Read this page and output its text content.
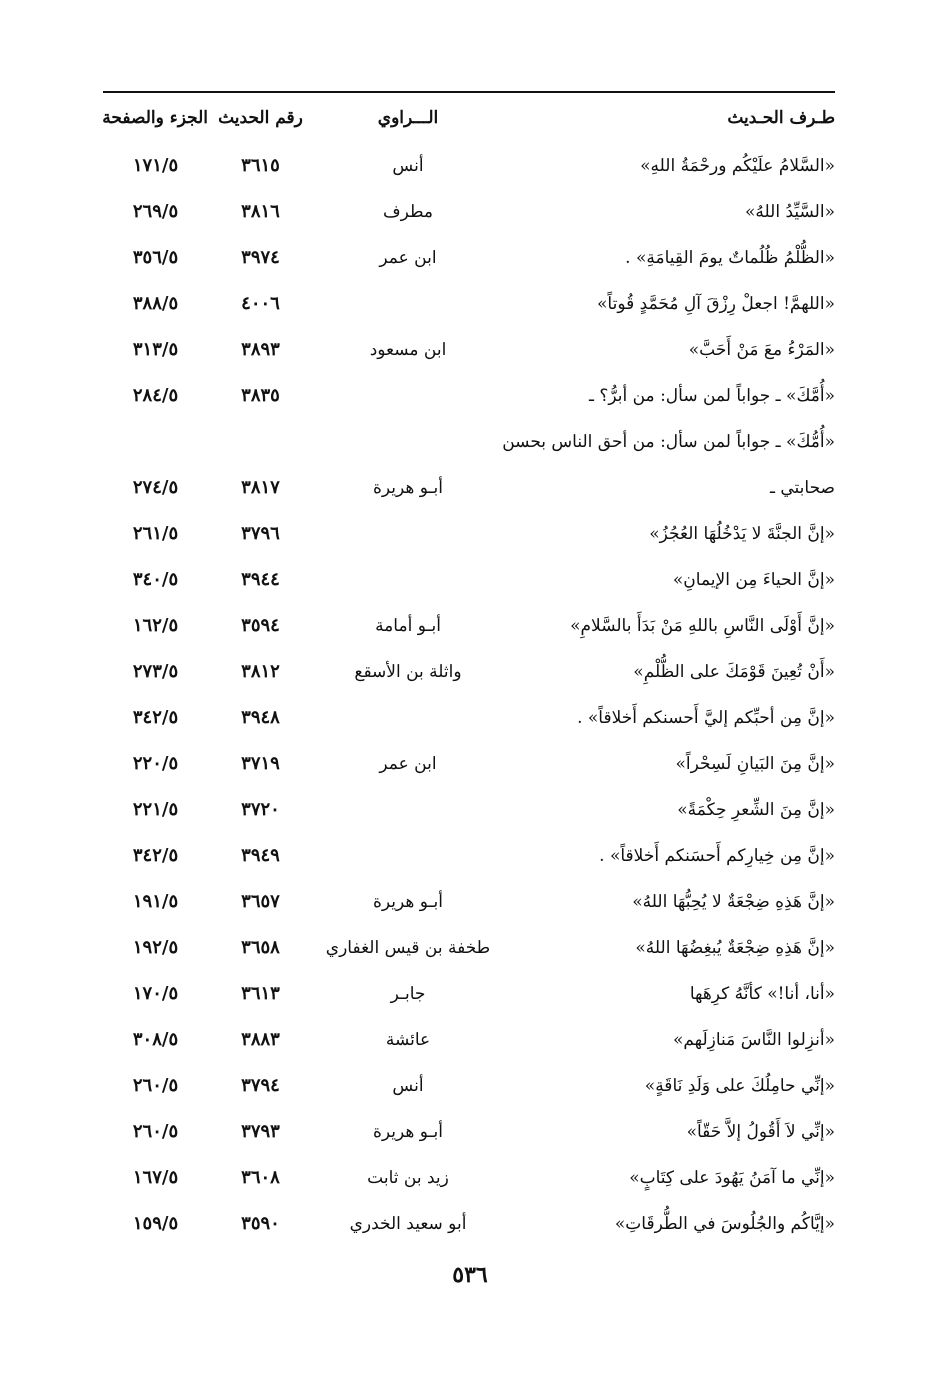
طـرف الحـديث
الـــراوي
رقم الحديث
الجزء والصفحة
«السَّلامُ علَيْكُم ورحْمَةُ اللهِ»
أنس
٣٦١٥
١٧١/٥
«السَّيِّدُ اللهُ»
مطرف
٣٨١٦
٢٦٩/٥
«الظُّلْمُ ظُلُماتٌ يومَ القِيامَةِ» .
ابن عمر
٣٩٧٤
٣٥٦/٥
«اللهمَّ! اجعلْ رِزْقَ آلِ مُحَمَّدٍ قُوتاً»
٤٠٠٦
٣٨٨/٥
«المَرْءُ معَ مَنْ أَحَبَّ»
ابن مسعود
٣٨٩٣
٣١٣/٥
«أُمَّكَ» ـ جواباً لمن سأل: من أبرُّ؟ ـ
٣٨٣٥
٢٨٤/٥
«أُمُّكَ» ـ جواباً لمن سأل: من أحق الناس بحسن
صحابتي ـ
أبـو هريرة
٣٨١٧
٢٧٤/٥
«إنَّ الجنَّةَ لا يَدْخُلُهَا العُجُزُ»
٣٧٩٦
٢٦١/٥
«إنَّ الحياءَ مِن الإيمانِ»
٣٩٤٤
٣٤٠/٥
«إنَّ أَوْلَى النَّاسِ باللهِ مَنْ بَدَأَ بالسَّلامِ»
أبـو أمامة
٣٥٩٤
١٦٢/٥
«أَنْ تُعِينَ قَوْمَكَ على الظُّلْمِ»
واثلة بن الأسقع
٣٨١٢
٢٧٣/٥
«إنَّ مِن أحبِّكم إليَّ أَحسنكم أَخلاقاً» .
٣٩٤٨
٣٤٢/٥
«إنَّ مِنَ البَيانِ لَسِحْراً»
ابن عمر
٣٧١٩
٢٢٠/٥
«إنَّ مِنَ الشِّعرِ حِكْمَةً»
٣٧٢٠
٢٢١/٥
«إنَّ مِن خِيارِكم أَحسَنكم أَخلاقاً» .
٣٩٤٩
٣٤٢/٥
«إنَّ هَذِهِ ضِجْعَةٌ لا يُحِبُّهَا اللهُ»
أبـو هريرة
٣٦٥٧
١٩١/٥
«إنَّ هَذِهِ ضِجْعَةٌ يُبغِضُهَا اللهُ»
طخفة بن قيس الغفاري
٣٦٥٨
١٩٢/٥
«أنا، أنا!» كأنَّهُ كرِهَها
جابـر
٣٦١٣
١٧٠/٥
«أنزِلوا النَّاسَ مَنازِلَهم»
عائشة
٣٨٨٣
٣٠٨/٥
«إنِّي حامِلُكَ على وَلَدِ نَاقَةٍ»
أنس
٣٧٩٤
٢٦٠/٥
«إنِّي لاَ أَقُولُ إلاَّ حَقّاً»
أبـو هريرة
٣٧٩٣
٢٦٠/٥
«إنِّي ما آمَنُ يَهُودَ على كِتَابٍ»
زيد بن ثابت
٣٦٠٨
١٦٧/٥
«إيَّاكُم والجُلُوسَ في الطُّرقَاتِ»
أبو سعيد الخدري
٣٥٩٠
١٥٩/٥
٥٣٦
